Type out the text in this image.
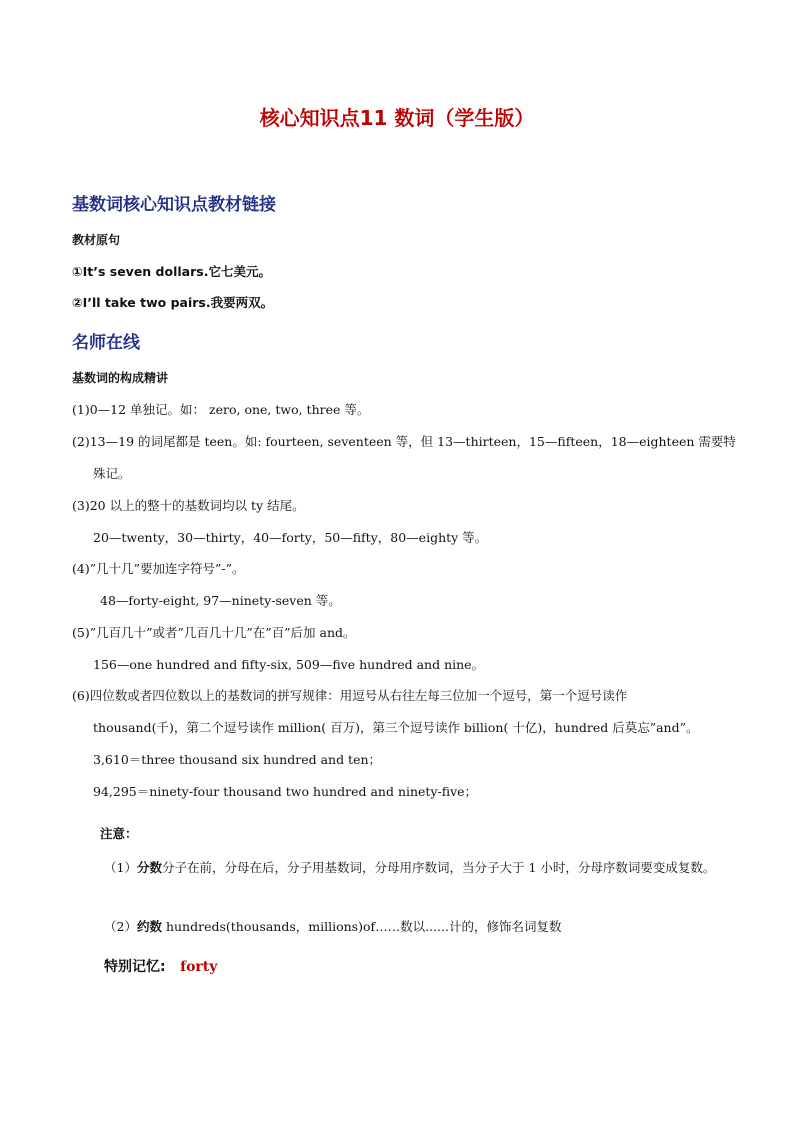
核心知识点11 数词（学生版）
基数词核心知识点教材链接
教材原句
①It’s seven dollars.它七美元。
②I’ll take two pairs.我要两双。
名师在线
基数词的构成精讲
(1)0—12 单独记。如： zero, one, two, three 等。
(2)13—19 的词尾都是 teen。如: fourteen, seventeen 等，但 13—thirteen，15—fifteen，18—eighteen 需要特
殊记。
(3)20 以上的整十的基数词均以 ty 结尾。
20—twenty，30—thirty，40—forty，50—fifty，80—eighty 等。
(4)”几十几”要加连字符号”-”。
48—forty-eight, 97—ninety-seven 等。
(5)”几百几十”或者”几百几十几”在”百”后加 and。
156—one hundred and fifty-six, 509—five hundred and nine。
(6)四位数或者四位数以上的基数词的拼写规律：用逗号从右往左每三位加一个逗号，第一个逗号读作
thousand(千)，第二个逗号读作 million( 百万)，第三个逗号读作 billion( 十亿)，hundred 后莫忘”and”。
3,610＝three thousand six hundred and ten；
94,295＝ninety-four thousand two hundred and ninety-five；
注意：
（1）分数分子在前，分母在后，分子用基数词，分母用序数词，当分子大于 1 小时，分母序数词要变成复数。
（2）约数 hundreds(thousands，millions)of……数以......计的，修饰名词复数
特别记忆: forty
